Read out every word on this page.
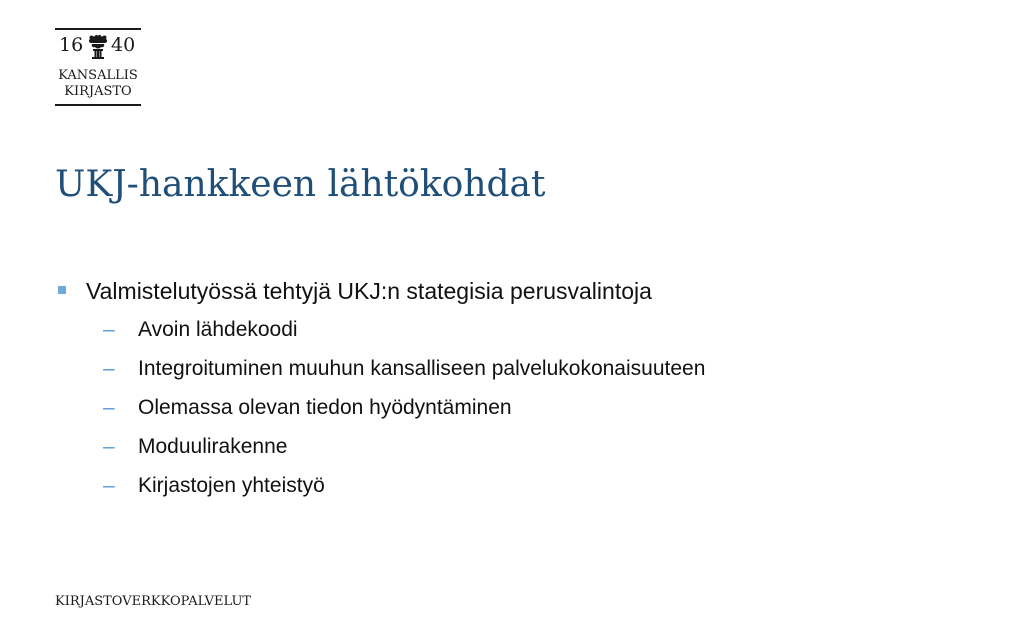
16 40
KANSALLIS
KIRJASTO
UKJ-hankkeen lähtökohdat
Valmistelutyössä tehtyjä UKJ:n stategisia perusvalintoja
– Avoin lähdekoodi
– Integroituminen muuhun kansalliseen palvelukokonaisuuteen
– Olemassa olevan tiedon hyödyntäminen
– Moduulirakenne
– Kirjastojen yhteistyö
KIRJASTOVERKKOPALVELUT
